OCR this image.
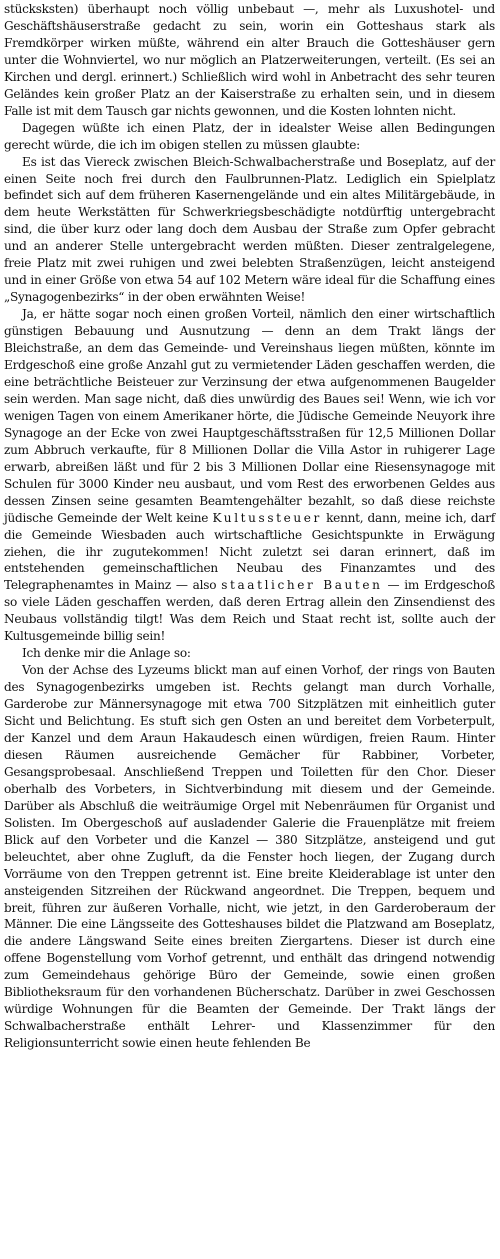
stücksksten) überhaupt noch völlig unbebaut —, mehr als Luxushotel- und Geschäftshäuserstraße gedacht zu sein, worin ein Gotteshaus stark als Fremdkörper wirken müßte, während ein alter Brauch die Gotteshäuser gern unter die Wohnviertel, wo nur möglich an Platzerweiterungen, verteilt. (Es sei an Kirchen und dergl. erinnert.) Schließlich wird wohl in Anbetracht des sehr teuren Geländes kein großer Platz an der Kaiserstraße zu erhalten sein, und in diesem Falle ist mit dem Tausch gar nichts gewonnen, und die Kosten lohnten nicht.

Dagegen wüßte ich einen Platz, der in idealster Weise allen Bedingungen gerecht würde, die ich im obigen stellen zu müssen glaubte:

Es ist das Viereck zwischen Bleich-Schwalbacherstraße und Boseplatz, auf der einen Seite noch frei durch den Faulbrunnen-Platz. Lediglich ein Spielplatz befindet sich auf dem früheren Kasernengelände und ein altes Militärgebäude, in dem heute Werkstätten für Schwerkriegsbeschädigte notdürftig untergebracht sind, die über kurz oder lang doch dem Ausbau der Straße zum Opfer gebracht und an anderer Stelle untergebracht werden müßten. Dieser zentralgelegene, freie Platz mit zwei ruhigen und zwei belebten Straßenzügen, leicht ansteigend und in einer Größe von etwa 54 auf 102 Metern wäre ideal für die Schaffung eines „Synagogenbezirks“ in der oben erwähnten Weise!

Ja, er hätte sogar noch einen großen Vorteil, nämlich den einer wirtschaftlich günstigen Bebauung und Ausnutzung — denn an dem Trakt längs der Bleichstraße, an dem das Gemeinde- und Vereinshaus liegen müßten, könnte im Erdgeschoß eine große Anzahl gut zu vermietender Läden geschaffen werden, die eine beträchtliche Beisteuer zur Verzinsung der etwa aufgenommenen Baugelder sein werden. Man sage nicht, daß dies unwürdig des Baues sei! Wenn, wie ich vor wenigen Tagen von einem Amerikaner hörte, die Jüdische Gemeinde Neuyork ihre Synagoge an der Ecke von zwei Hauptgeschäftsstraßen für 12,5 Millionen Dollar zum Abbruch verkaufte, für 8 Millionen Dollar die Villa Astor in ruhigerer Lage erwarb, abreißen läßt und für 2 bis 3 Millionen Dollar eine Riesensynagoge mit Schulen für 3000 Kinder neu ausbaut, und vom Rest des erworbenen Geldes aus dessen Zinsen seine gesamten Beamtengehälter bezahlt, so daß diese reichste jüdische Gemeinde der Welt keine Kultussteuer kennt, dann, meine ich, darf die Gemeinde Wiesbaden auch wirtschaftliche Gesichtspunkte in Erwägung ziehen, die ihr zugutekommen! Nicht zuletzt sei daran erinnert, daß im entstehenden gemeinschaftlichen Neubau des Finanzamtes und des Telegraphenamtes in Mainz — also staatlicher Bauten — im Erdgeschoß so viele Läden geschaffen werden, daß deren Ertrag allein den Zinsendienst des Neubaus vollständig tilgt! Was dem Reich und Staat recht ist, sollte auch der Kultusgemeinde billig sein!

Ich denke mir die Anlage so:

Von der Achse des Lyzeums blickt man auf einen Vorhof, der rings von Bauten des Synagogenbezirks umgeben ist. Rechts gelangt man durch Vorhalle, Garderobe zur Männersynagoge mit etwa 700 Sitzplätzen mit einheitlich guter Sicht und Belichtung. Es stuft sich gen Osten an und bereitet dem Vorbeterpult, der Kanzel und dem Araun Hakaudesch einen würdigen, freien Raum. Hinter diesen Räumen ausreichende Gemächer für Rabbiner, Vorbeter, Gesangsprobesaal. Anschließend Treppen und Toiletten für den Chor. Dieser oberhalb des Vorbeters, in Sichtverbindung mit diesem und der Gemeinde. Darüber als Abschluß die weiträumige Orgel mit Nebenräumen für Organist und Solisten. Im Obergeschoß auf ausladender Galerie die Frauenplätze mit freiem Blick auf den Vorbeter und die Kanzel — 380 Sitzplätze, ansteigend und gut beleuchtet, aber ohne Zugluft, da die Fenster hoch liegen, der Zugang durch Vorräume von den Treppen getrennt ist. Eine breite Kleiderablage ist unter den ansteigenden Sitzreihen der Rückwand angeordnet. Die Treppen, bequem und breit, führen zur äußeren Vorhalle, nicht, wie jetzt, in den Garderoberaum der Männer. Die eine Längsseite des Gotteshauses bildet die Platzwand am Boseplatz, die andere Längswand Seite eines breiten Ziergartens. Dieser ist durch eine offene Bogenstellung vom Vorhof getrennt, und enthält das dringend notwendig zum Gemeindehaus gehörige Büro der Gemeinde, sowie einen großen Bibliotheksraum für den vorhandenen Bücherschatz. Darüber in zwei Geschossen würdige Wohnungen für die Beamten der Gemeinde. Der Trakt längs der Schwalbacherstraße enthält Lehrer- und Klassenzimmer für den Religionsunterricht sowie einen heute fehlenden Be
